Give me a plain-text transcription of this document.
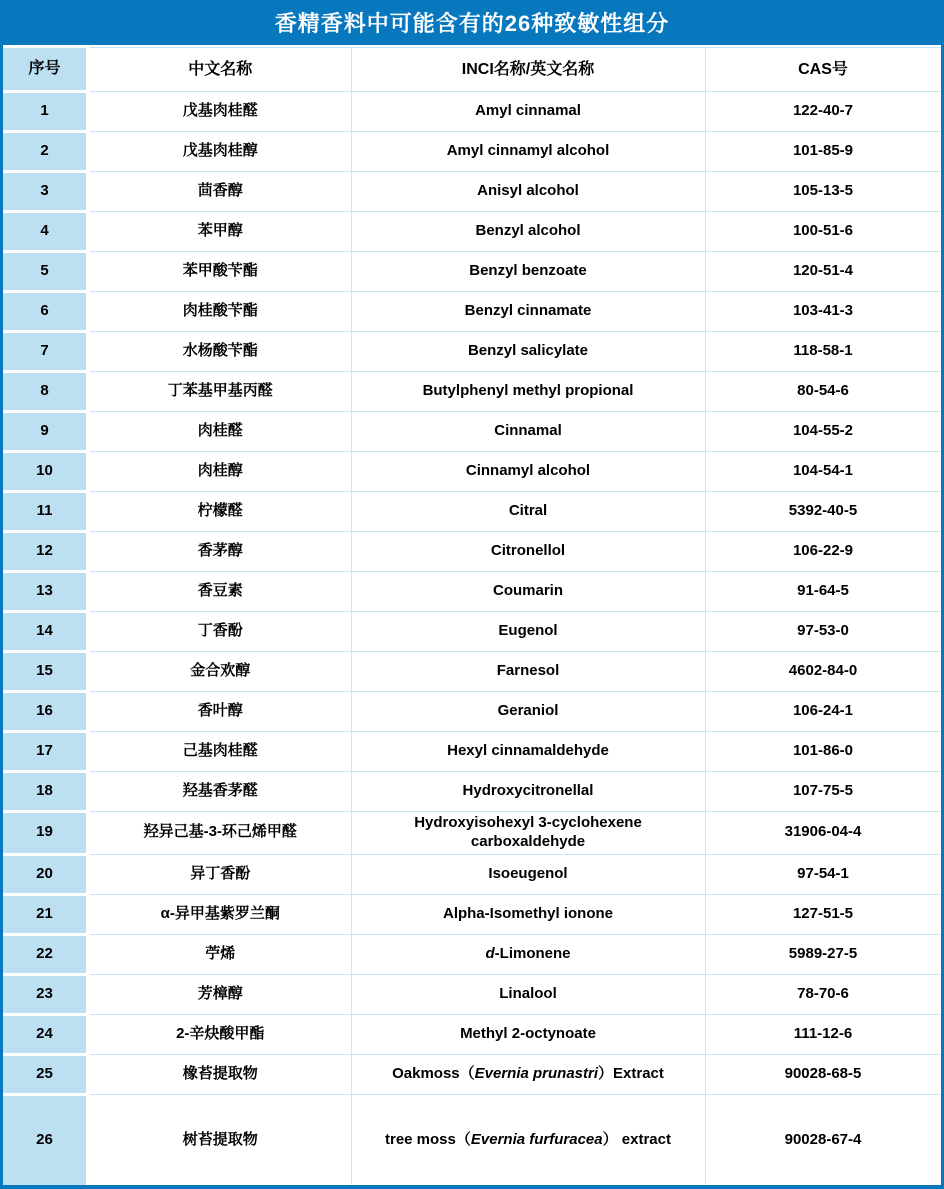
香精香料中可能含有的26种致敏性组分
序号	中文名称	INCI名称/英文名称	CAS号
1	戊基肉桂醛	Amyl cinnamal	122-40-7
2	戊基肉桂醇	Amyl cinnamyl alcohol	101-85-9
3	茴香醇	Anisyl alcohol	105-13-5
4	苯甲醇	Benzyl alcohol	100-51-6
5	苯甲酸苄酯	Benzyl benzoate	120-51-4
6	肉桂酸苄酯	Benzyl cinnamate	103-41-3
7	水杨酸苄酯	Benzyl salicylate	118-58-1
8	丁苯基甲基丙醛	Butylphenyl methyl propional	80-54-6
9	肉桂醛	Cinnamal	104-55-2
10	肉桂醇	Cinnamyl alcohol	104-54-1
11	柠檬醛	Citral	5392-40-5
12	香茅醇	Citronellol	106-22-9
13	香豆素	Coumarin	91-64-5
14	丁香酚	Eugenol	97-53-0
15	金合欢醇	Farnesol	4602-84-0
16	香叶醇	Geraniol	106-24-1
17	己基肉桂醛	Hexyl cinnamaldehyde	101-86-0
18	羟基香茅醛	Hydroxycitronellal	107-75-5
19	羟异己基-3-环己烯甲醛	Hydroxyisohexyl 3-cyclohexene carboxaldehyde	31906-04-4
20	异丁香酚	Isoeugenol	97-54-1
21	α-异甲基紫罗兰酮	Alpha-Isomethyl ionone	127-51-5
22	苧烯	d-Limonene	5989-27-5
23	芳樟醇	Linalool	78-70-6
24	2-辛炔酸甲酯	Methyl 2-octynoate	111-12-6
25	橡苔提取物	Oakmoss（Evernia prunastri）Extract	90028-68-5
26	树苔提取物	tree moss（Evernia furfuracea） extract	90028-67-4
